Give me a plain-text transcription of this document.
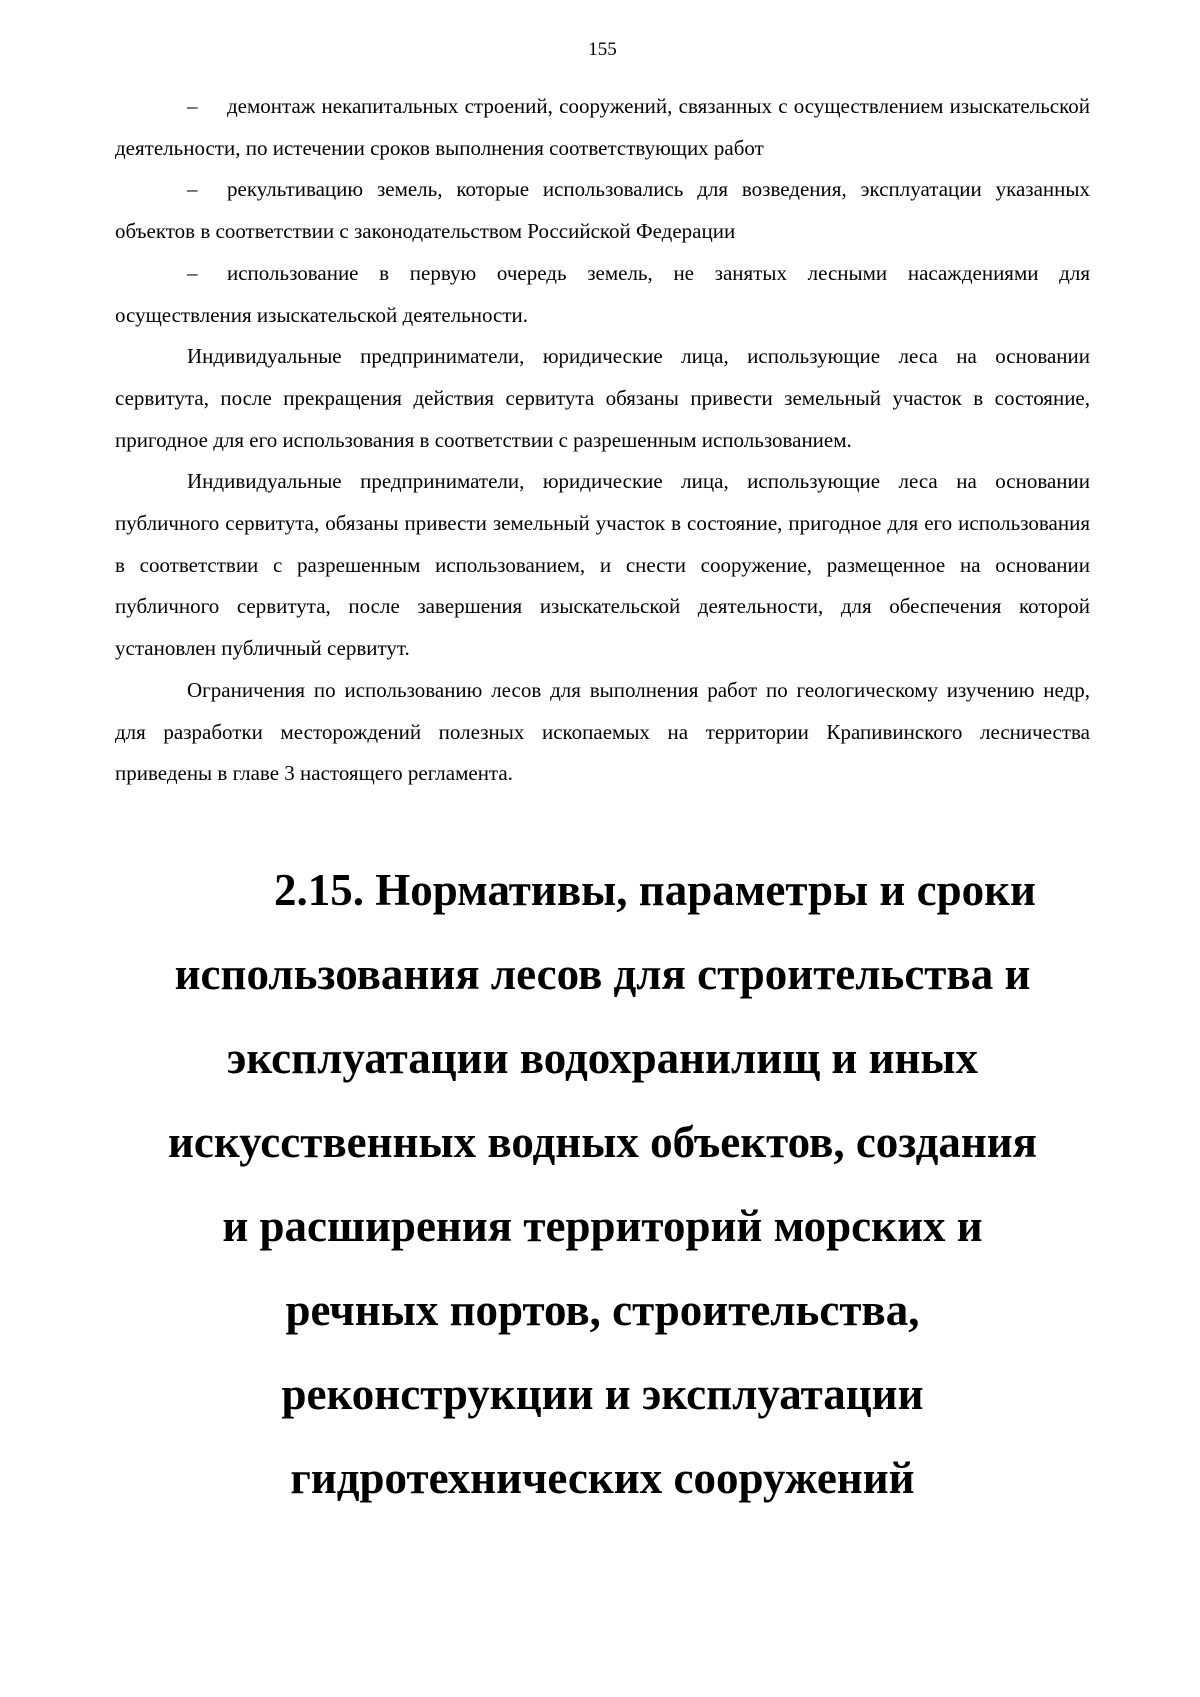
155

– демонтаж некапитальных строений, сооружений, связанных с осуществлением изыскательской деятельности, по истечении сроков выполнения соответствующих работ

– рекультивацию земель, которые использовались для возведения, эксплуатации указанных объектов в соответствии с законодательством Российской Федерации

– использование в первую очередь земель, не занятых лесными насаждениями для осуществления изыскательской деятельности.

Индивидуальные предприниматели, юридические лица, использующие леса на основании сервитута, после прекращения действия сервитута обязаны привести земельный участок в состояние, пригодное для его использования в соответствии с разрешенным использованием.

Индивидуальные предприниматели, юридические лица, использующие леса на основании публичного сервитута, обязаны привести земельный участок в состояние, пригодное для его использования в соответствии с разрешенным использованием, и снести сооружение, размещенное на основании публичного сервитута, после завершения изыскательской деятельности, для обеспечения которой установлен публичный сервитут.

Ограничения по использованию лесов для выполнения работ по геологическому изучению недр, для разработки месторождений полезных ископаемых на территории Крапивинского лесничества приведены в главе 3 настоящего регламента.

2.15. Нормативы, параметры и сроки
использования лесов для строительства и
эксплуатации водохранилищ и иных
искусственных водных объектов, создания
и расширения территорий морских и
речных портов, строительства,
реконструкции и эксплуатации
гидротехнических сооружений
